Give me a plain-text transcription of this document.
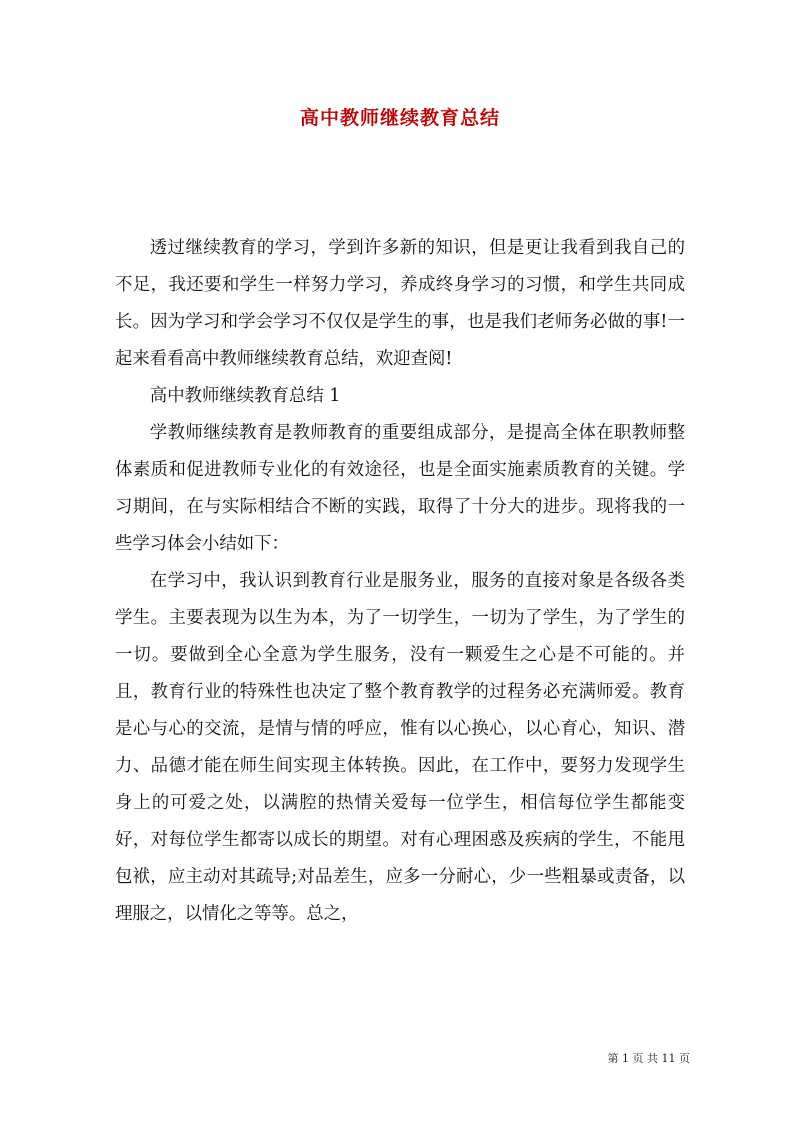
高中教师继续教育总结

透过继续教育的学习，学到许多新的知识，但是更让我看到我自己的不足，我还要和学生一样努力学习，养成终身学习的习惯，和学生共同成长。因为学习和学会学习不仅仅是学生的事，也是我们老师务必做的事!一起来看看高中教师继续教育总结，欢迎查阅!

高中教师继续教育总结 1

学教师继续教育是教师教育的重要组成部分，是提高全体在职教师整体素质和促进教师专业化的有效途径，也是全面实施素质教育的关键。学习期间，在与实际相结合不断的实践，取得了十分大的进步。现将我的一些学习体会小结如下：

在学习中，我认识到教育行业是服务业，服务的直接对象是各级各类学生。主要表现为以生为本，为了一切学生，一切为了学生，为了学生的一切。要做到全心全意为学生服务，没有一颗爱生之心是不可能的。并且，教育行业的特殊性也决定了整个教育教学的过程务必充满师爱。教育是心与心的交流，是情与情的呼应，惟有以心换心，以心育心，知识、潜力、品德才能在师生间实现主体转换。因此，在工作中，要努力发现学生身上的可爱之处，以满腔的热情关爱每一位学生，相信每位学生都能变好，对每位学生都寄以成长的期望。对有心理困惑及疾病的学生，不能甩包袱，应主动对其疏导;对品差生，应多一分耐心，少一些粗暴或责备，以理服之，以情化之等等。总之，

第 1 页 共 11 页
